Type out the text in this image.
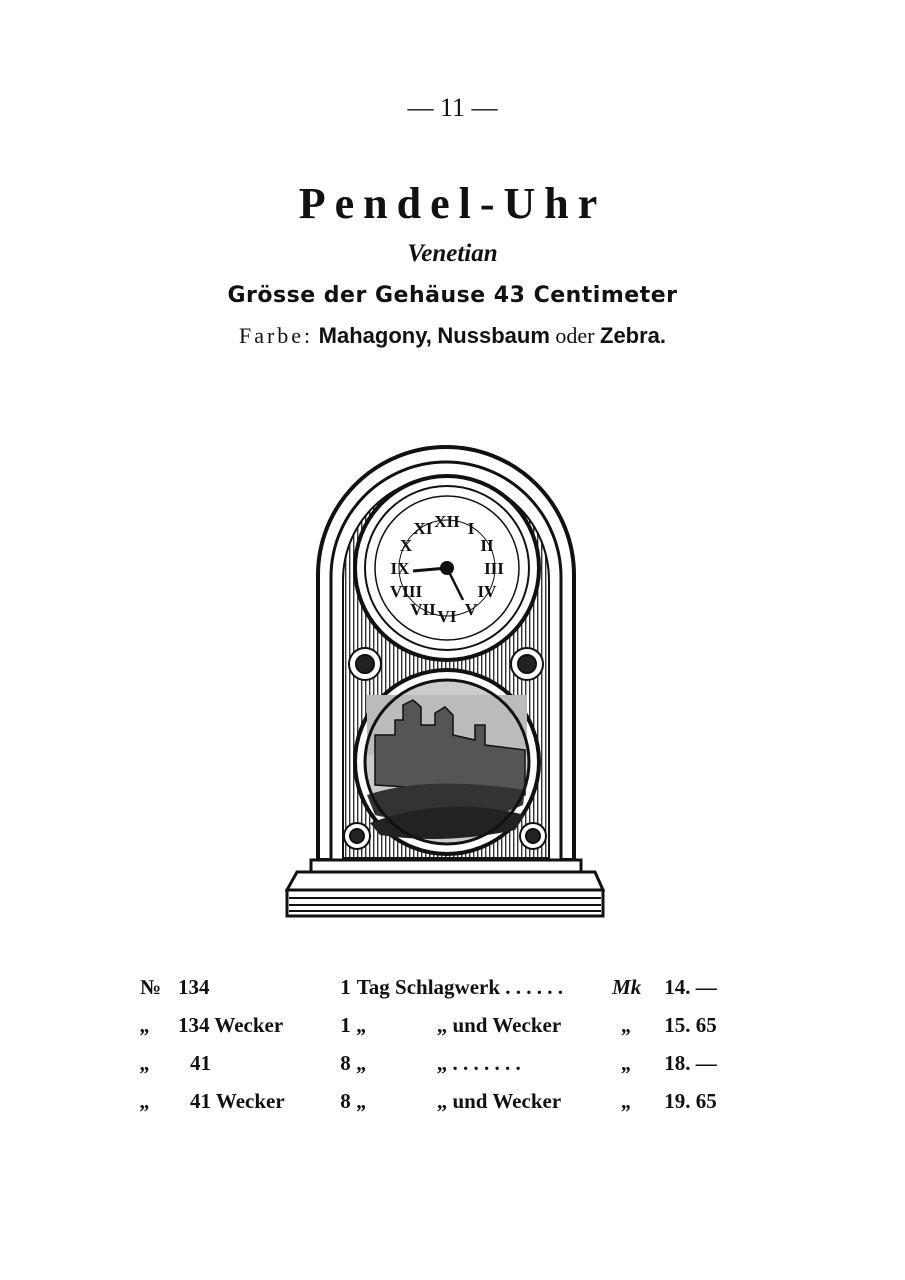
— 11 —
Pendel-Uhr
Venetian
Grösse der Gehäuse 43 Centimeter
Farbe: Mahagony, Nussbaum oder Zebra.
XII I
II
III
IV
V
VI
VII
VIII
IX
X
XI
№	134	1	Tag Schlagwerk . . . . . .		Mk	14. —
„	134 Wecker	1	„	„ und Wecker	„	15. 65
„	41	8	„	„ . . . . . . .	„	18. —
„	41 Wecker	8	„	„ und Wecker	„	19. 65
